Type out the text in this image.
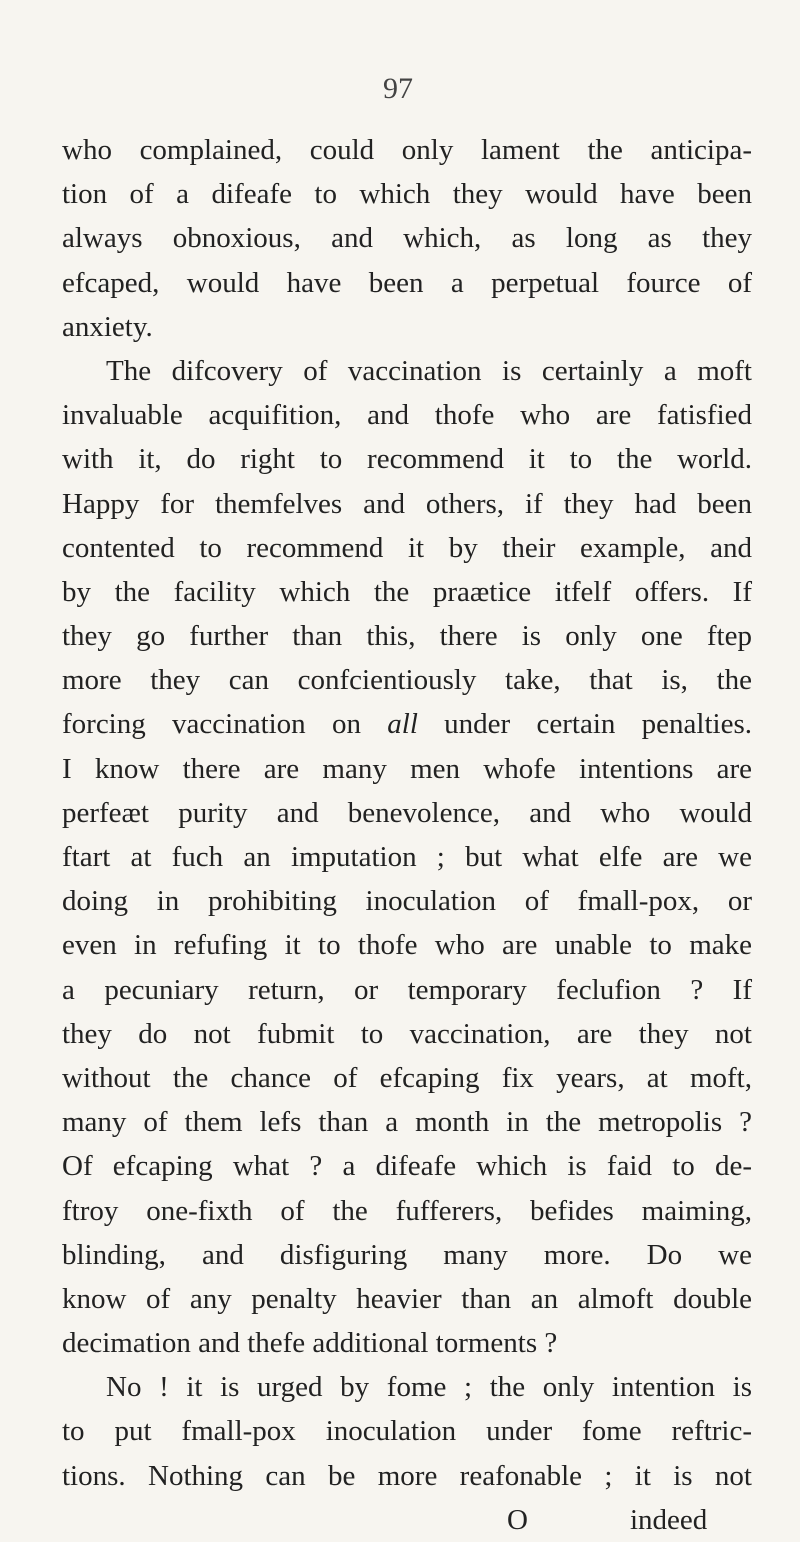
97
who complained, could only lament the anticipa-
tion of a difeafe to which they would have been
always obnoxious, and which, as long as they
efcaped, would have been a perpetual fource of
anxiety.
The difcovery of vaccination is certainly a moft
invaluable acquifition, and thofe who are fatisfied
with it, do right to recommend it to the world.
Happy for themfelves and others, if they had been
contented to recommend it by their example, and
by the facility which the praætice itfelf offers. If
they go further than this, there is only one ftep
more they can confcientiously take, that is, the
forcing vaccination on all under certain penalties.
I know there are many men whofe intentions are
perfeæt purity and benevolence, and who would
ftart at fuch an imputation ; but what elfe are we
doing in prohibiting inoculation of fmall-pox, or
even in refufing it to thofe who are unable to make
a pecuniary return, or temporary feclufion ? If
they do not fubmit to vaccination, are they not
without the chance of efcaping fix years, at moft,
many of them lefs than a month in the metropolis ?
Of efcaping what ? a difeafe which is faid to de-
ftroy one-fixth of the fufferers, befides maiming,
blinding, and disfiguring many more. Do we
know of any penalty heavier than an almoft double
decimation and thefe additional torments ?
No ! it is urged by fome ; the only intention is
to put fmall-pox inoculation under fome reftric-
tions. Nothing can be more reafonable ; it is not
O	indeed
